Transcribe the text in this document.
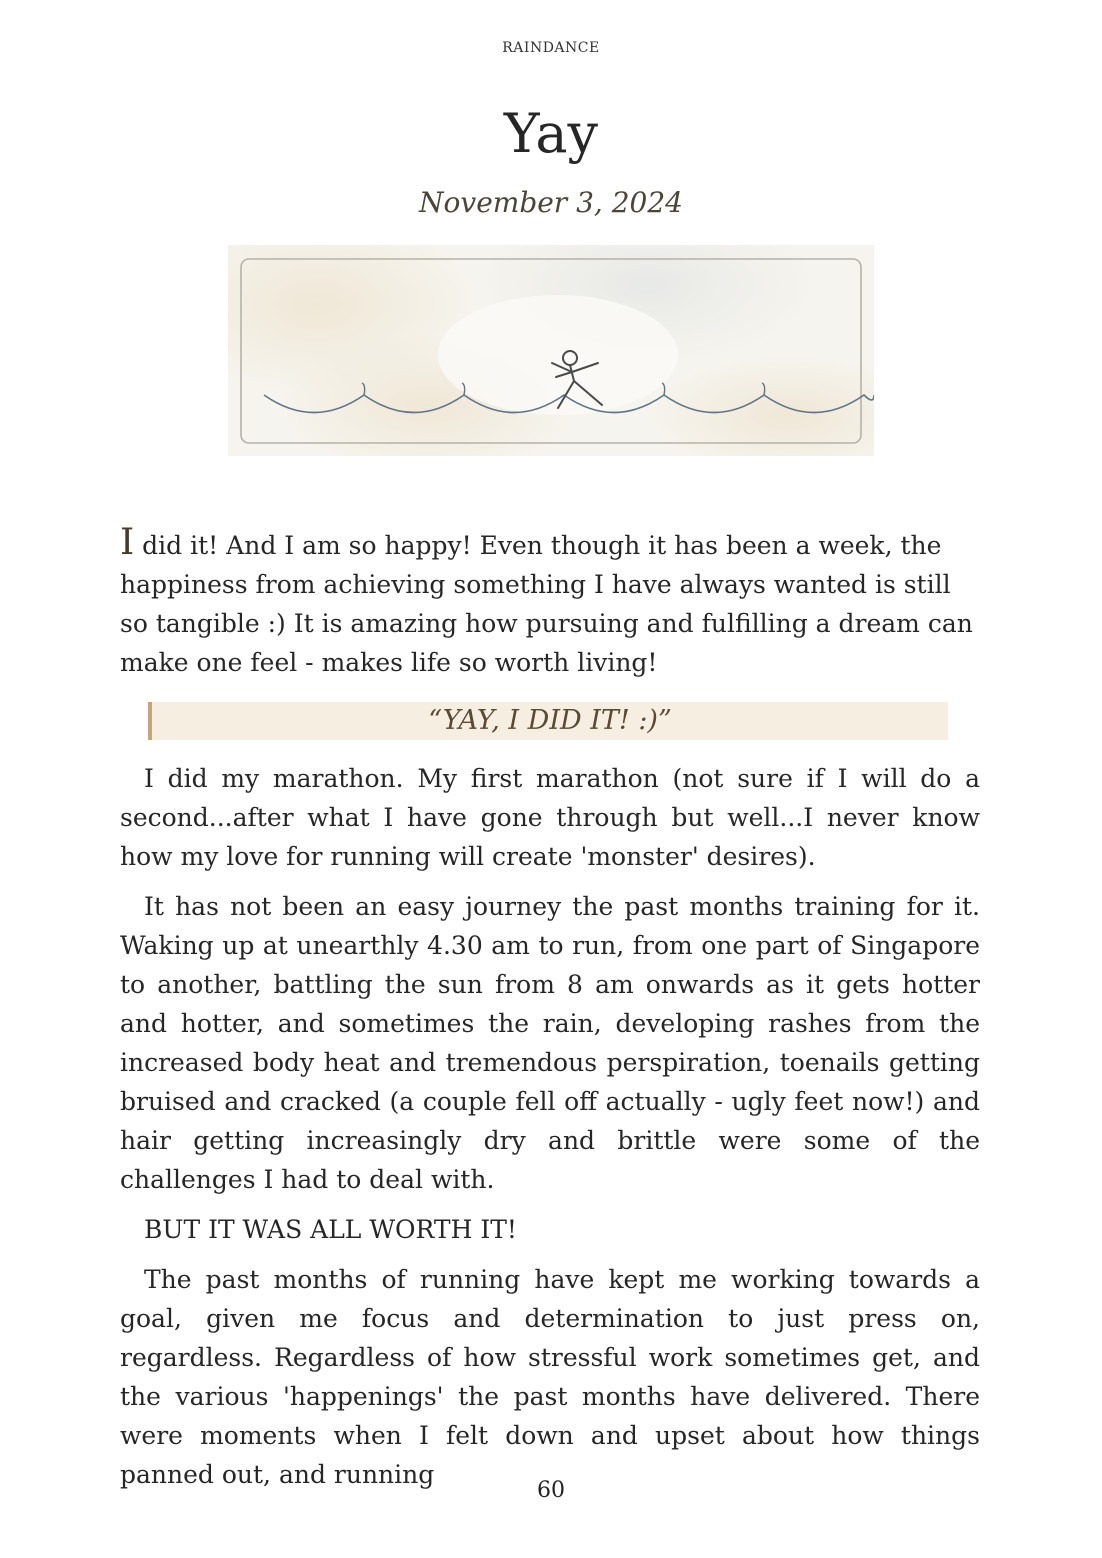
RAINDANCE
Yay
November 3, 2024

I did it! And I am so happy! Even though it has been a week, the happiness from achieving something I have always wanted is still so tangible :) It is amazing how pursuing and fulfilling a dream can make one feel - makes life so worth living!

“YAY, I DID IT! :)”

I did my marathon. My first marathon (not sure if I will do a second...after what I have gone through but well...I never know how my love for running will create 'monster' desires).

It has not been an easy journey the past months training for it. Waking up at unearthly 4.30 am to run, from one part of Singapore to another, battling the sun from 8 am onwards as it gets hotter and hotter, and sometimes the rain, developing rashes from the increased body heat and tremendous perspiration, toenails getting bruised and cracked (a couple fell off actually - ugly feet now!) and hair getting increasingly dry and brittle were some of the challenges I had to deal with.

BUT IT WAS ALL WORTH IT!

The past months of running have kept me working towards a goal, given me focus and determination to just press on, regardless. Regardless of how stressful work sometimes get, and the various 'happenings' the past months have delivered. There were moments when I felt down and upset about how things panned out, and running

60
